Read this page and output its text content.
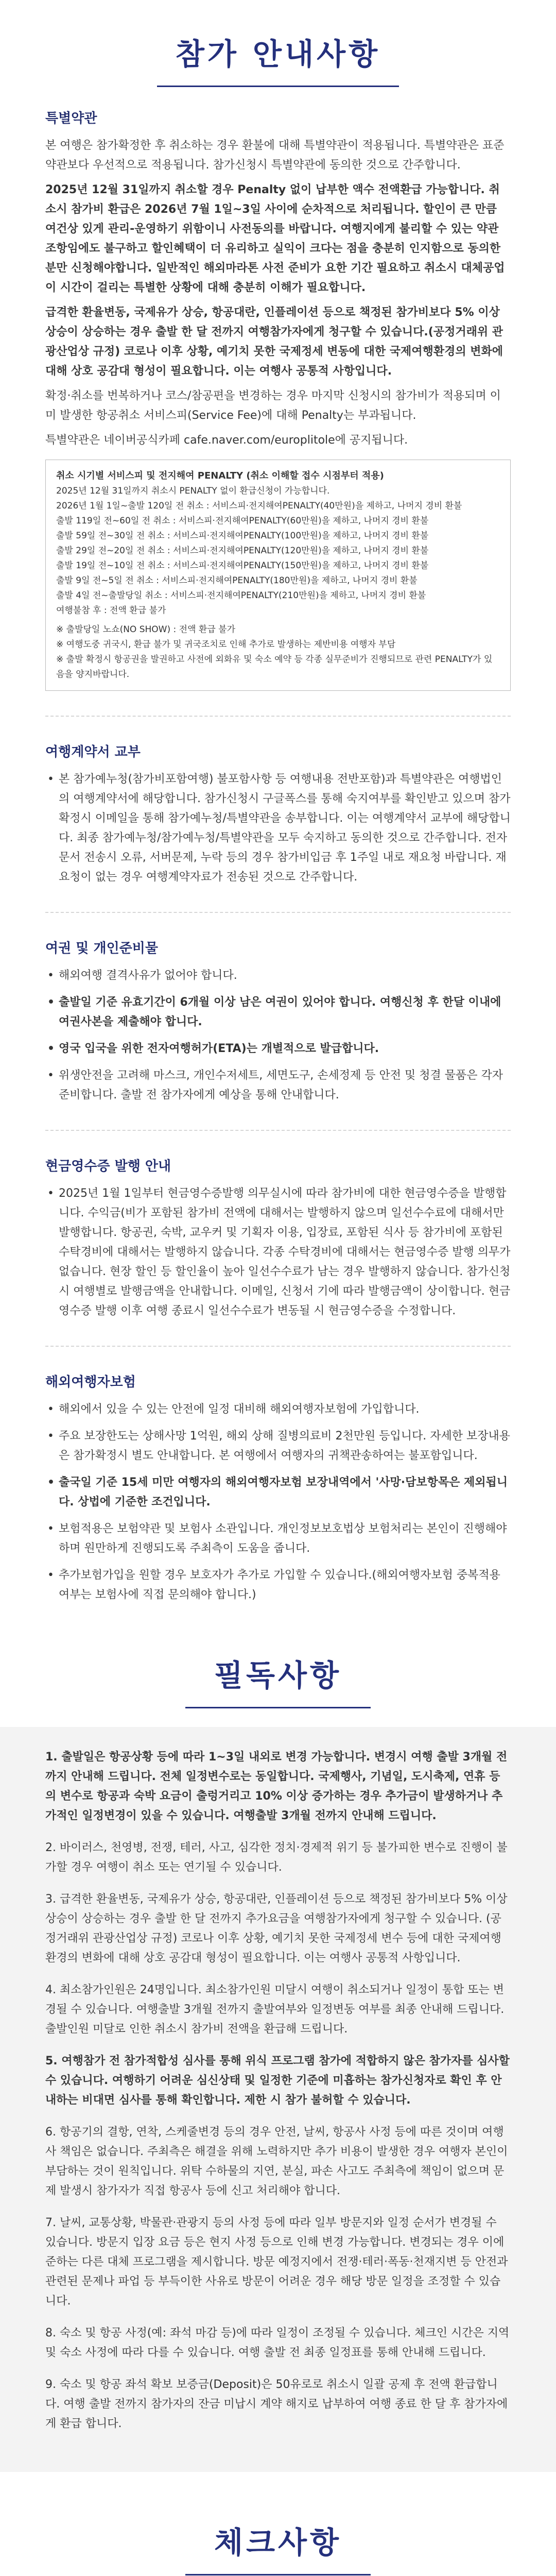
참가 안내사항
특별약관

본 여행은 참가확정한 후 취소하는 경우 환불에 대해 특별약관이 적용됩니다. 특별약관은 표준약관보다 우선적으로 적용됩니다. 참가신청시 특별약관에 동의한 것으로 간주합니다.

2025년 12월 31일까지 취소할 경우 Penalty 없이 납부한 액수 전액환급 가능합니다. 취소시 참가비 환급은 2026년 7월 1일~3일 사이에 순차적으로 처리됩니다. 할인이 큰 만큼 여건상 있게 관리-운영하기 위함이니 사전동의를 바랍니다. 여행지에게 불리할 수 있는 약관 조항임에도 불구하고 할인혜택이 더 유리하고 실익이 크다는 점을 충분히 인지함으로 동의한 분만 신청해야합니다. 일반적인 해외마라톤 사전 준비가 요한 기간 필요하고 취소시 대체공업이 시간이 걸리는 특별한 상황에 대해 충분히 이해가 필요합니다.

급격한 환율변동, 국제유가 상승, 항공대란, 인플레이션 등으로 책정된 참가비보다 5% 이상 상승이 상승하는 경우 출발 한 달 전까지 여행참가자에게 청구할 수 있습니다.(공정거래위 관광산업상 규정) 코로나 이후 상황, 예기치 못한 국제정세 변동에 대한 국제여행환경의 변화에 대해 상호 공감대 형성이 필요합니다. 이는 여행사 공통적 사항입니다.

확정·취소를 번복하거나 코스/참공편을 변경하는 경우 마지막 신청시의 참가비가 적용되며 이미 발생한 항공취소 서비스피(Service Fee)에 대해 Penalty는 부과됩니다.

특별약관은 네이버공식카페 cafe.naver.com/europlitole에 공지됩니다.

취소 시기별 서비스피 및 전지해여 PENALTY (취소 이해할 접수 시점부터 적용)
2025년 12월 31일까지 취소시 PENALTY 없이 환급신청이 가능합니다.
2026년 1월 1일~출발 120일 전 취소 : 서비스피·전지해여PENALTY(40만원)을 제하고, 나머지 경비 환불
출발 119일 전~60일 전 취소 : 서비스피·전지해여PENALTY(60만원)을 제하고, 나머지 경비 환불
출발 59일 전~30일 전 취소 : 서비스피·전지해여PENALTY(100만원)을 제하고, 나머지 경비 환불
출발 29일 전~20일 전 취소 : 서비스피·전지해여PENALTY(120만원)을 제하고, 나머지 경비 환불
출발 19일 전~10일 전 취소 : 서비스피·전지해여PENALTY(150만원)을 제하고, 나머지 경비 환불
출발 9일 전~5일 전 취소 : 서비스피·전지해여PENALTY(180만원)을 제하고, 나머지 경비 환불
출발 4일 전~출발당일 취소 : 서비스피·전지해여PENALTY(210만원)을 제하고, 나머지 경비 환불
여행불참 후 : 전액 환급 불가
※ 출발당일 노쇼(NO SHOW) : 전액 환급 불가
※ 여행도중 귀국시, 환급 불가 및 귀국조치로 인해 추가로 발생하는 제반비용 여행자 부담
※ 출발 확정시 항공권을 발권하고 사전에 외화유 및 숙소 예약 등 각종 실무준비가 진행되므로 관련 PENALTY가 있음을 양지바랍니다.
여행계약서 교부
• 본 참가예누청(참가비포함여행) 불포함사항 등 여행내용 전반포함)과 특별약관은 여행법인의 여행계약서에 해당합니다. 참가신청시 구글폭스를 통해 숙지여부를 확인받고 있으며 참가확정시 이메일을 통해 참가예누청/특별약관을 송부합니다. 이는 여행계약서 교부에 해당합니다. 최종 참가예누청/참가예누청/특별약관을 모두 숙지하고 동의한 것으로 간주합니다. 전자문서 전송시 오류, 서버문제, 누락 등의 경우 참가비입금 후 1주일 내로 재요청 바랍니다. 재요청이 없는 경우 여행계약자료가 전송된 것으로 간주합니다.
여권 및 개인준비물
• 해외여행 결격사유가 없어야 합니다.
• 출발일 기준 유효기간이 6개월 이상 남은 여권이 있어야 합니다. 여행신청 후 한달 이내에 여권사본을 제출해야 합니다.
• 영국 입국을 위한 전자여행허가(ETA)는 개별적으로 발급합니다.
• 위생안전을 고려해 마스크, 개인수저세트, 세면도구, 손세정제 등 안전 및 청결 물품은 각자 준비합니다. 출발 전 참가자에게 예상을 통해 안내합니다.
현금영수증 발행 안내
• 2025년 1월 1일부터 현금영수증발행 의무실시에 따라 참가비에 대한 현금영수증을 발행합니다. 수익금(비가 포함된 참가비 전액에 대해서는 발행하지 않으며 일선수수료에 대해서만 발행합니다. 항공권, 숙박, 교우커 및 기획자 이용, 입장료, 포함된 식사 등 참가비에 포함된 수탁경비에 대해서는 발행하지 않습니다. 각종 수탁경비에 대해서는 현금영수증 발행 의무가 없습니다. 현장 할인 등 할인율이 높아 일선수수료가 남는 경우 발행하지 않습니다. 참가신청시 여행별로 발행금액을 안내합니다. 이메일, 신청서 기에 따라 발행금액이 상이합니다. 현금영수증 발행 이후 여행 종료시 일선수수료가 변동될 시 현금영수증을 수정합니다.
해외여행자보험
• 해외에서 있을 수 있는 안전에 일정 대비해 해외여행자보험에 가입합니다.
• 주요 보장한도는 상해사망 1억원, 해외 상해 질병의료비 2천만원 등입니다. 자세한 보장내용은 참가확정시 별도 안내합니다. 본 여행에서 여행자의 귀책관송하여는 불포함입니다.
• 출국일 기준 15세 미만 여행자의 해외여행자보험 보장내역에서 '사망·담보항목은 제외됩니다. 상법에 기준한 조건입니다.
• 보험적용은 보험약관 및 보험사 소관입니다. 개인정보보호법상 보험처리는 본인이 진행해야 하며 원만하게 진행되도록 주최측이 도움을 줍니다.
• 추가보험가입을 원할 경우 보호자가 추가로 가입할 수 있습니다.(해외여행자보험 중복적용 여부는 보험사에 직접 문의해야 합니다.)
필독사항
1. 출발일은 항공상황 등에 따라 1~3일 내외로 변경 가능합니다. 변경시 여행 출발 3개월 전까지 안내해 드립니다. 전체 일정변수로는 동일합니다. 국제행사, 기념일, 도시축제, 연휴 등의 변수로 항공과 숙박 요금이 출렁거리고 10% 이상 증가하는 경우 추가금이 발생하거나 추가적인 일정변경이 있을 수 있습니다. 여행출발 3개월 전까지 안내해 드립니다.
2. 바이러스, 천영병, 전쟁, 테러, 사고, 심각한 정치·경제적 위기 등 불가피한 변수로 진행이 불가할 경우 여행이 취소 또는 연기될 수 있습니다.
3. 급격한 환율변동, 국제유가 상승, 항공대란, 인플레이션 등으로 책정된 참가비보다 5% 이상 상승이 상승하는 경우 출발 한 달 전까지 추가요금을 여행참가자에게 청구할 수 있습니다. (공정거래위 관광산업상 규정) 코로나 이후 상황, 예기치 못한 국제정세 변수 등에 대한 국제여행환경의 변화에 대해 상호 공감대 형성이 필요합니다. 이는 여행사 공통적 사항입니다.
4. 최소참가인원은 24명입니다. 최소참가인원 미달시 여행이 취소되거나 일정이 통합 또는 변경될 수 있습니다. 여행출발 3개월 전까지 출발여부와 일정변동 여부를 최종 안내해 드립니다. 출발인원 미달로 인한 취소시 참가비 전액을 환급해 드립니다.
5. 여행참가 전 참가적합성 심사를 통해 위식 프로그램 참가에 적합하지 않은 참가자를 심사할 수 있습니다. 여행하기 어려운 심신상태 및 일정한 기준에 미흡하는 참가신청자로 확인 후 안내하는 비대면 심사를 통해 확인합니다. 제한 시 참가 불허할 수 있습니다.
6. 항공기의 결항, 연착, 스케줄변경 등의 경우 안전, 날씨, 항공사 사정 등에 따른 것이며 여행사 책임은 없습니다. 주최측은 해결을 위해 노력하지만 추가 비용이 발생한 경우 여행자 본인이 부담하는 것이 원칙입니다. 위탁 수하물의 지연, 분실, 파손 사고도 주최측에 책임이 없으며 문제 발생시 참가자가 직접 항공사 등에 신고 처리해야 합니다.
7. 날씨, 교통상황, 박물관·관광지 등의 사정 등에 따라 일부 방문지와 일정 순서가 변경될 수 있습니다. 방문지 입장 요금 등은 현지 사정 등으로 인해 변경 가능합니다. 변경되는 경우 이에 준하는 다른 대체 프로그램을 제시합니다. 방문 예정지에서 전쟁·테러·폭동·천재지변 등 안전과 관련된 문제나 파업 등 부득이한 사유로 방문이 어려운 경우 해당 방문 일정을 조정할 수 있습니다.
8. 숙소 및 항공 사정(예: 좌석 마감 등)에 따라 일정이 조정될 수 있습니다. 체크인 시간은 지역 및 숙소 사정에 따라 다를 수 있습니다. 여행 출발 전 최종 일정표를 통해 안내해 드립니다.
9. 숙소 및 항공 좌석 확보 보증금(Deposit)은 50유로로 취소시 일괄 공제 후 전액 환급합니다. 여행 출발 전까지 참가자의 잔금 미납시 계약 해지로 납부하여 여행 종료 한 달 후 참가자에게 환급 합니다.
체크사항
